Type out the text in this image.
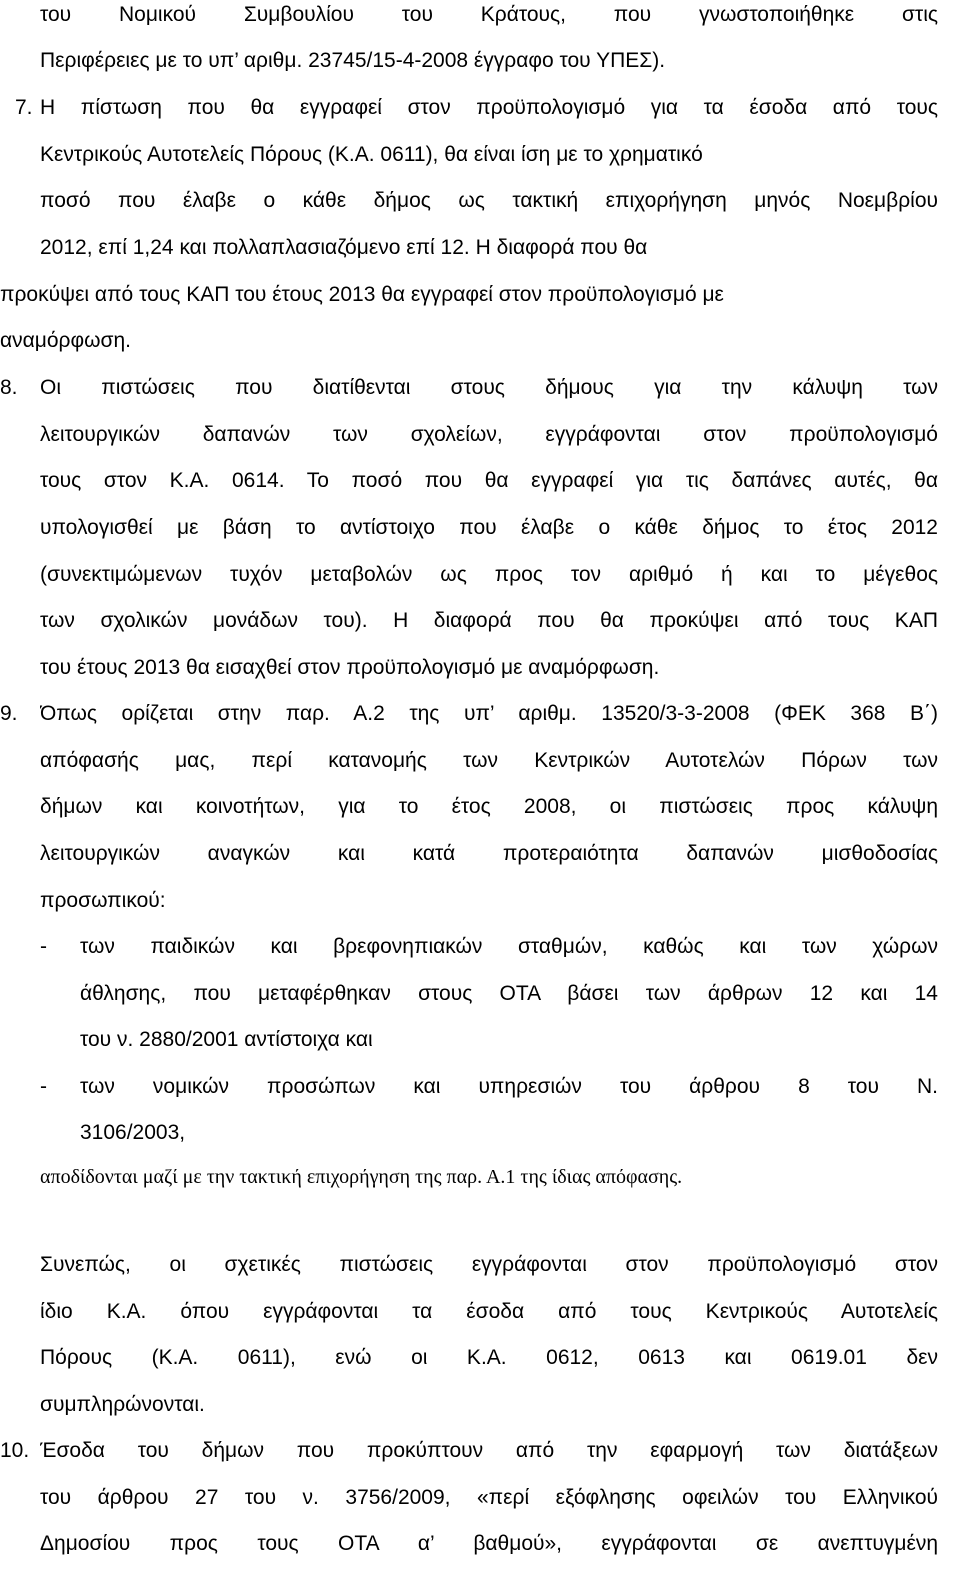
του Νομικού Συμβουλίου του Κράτους, που γνωστοποιήθηκε στις
Περιφέρειες με το υπ’ αριθμ. 23745/15-4-2008 έγγραφο του ΥΠΕΣ).
7. Η πίστωση που θα εγγραφεί στον προϋπολογισμό για τα έσοδα από τους
Κεντρικούς Αυτοτελείς Πόρους (Κ.Α. 0611), θα είναι ίση με το χρηματικό
ποσό που έλαβε ο κάθε δήμος ως τακτική επιχορήγηση μηνός Νοεμβρίου
2012, επί 1,24 και πολλαπλασιαζόμενο επί 12. Η διαφορά που θα
προκύψει από τους ΚΑΠ του έτους 2013 θα εγγραφεί στον προϋπολογισμό με
αναμόρφωση.
8. Οι πιστώσεις που διατίθενται στους δήμους για την κάλυψη των
λειτουργικών δαπανών των σχολείων, εγγράφονται στον προϋπολογισμό
τους στον Κ.Α. 0614. Το ποσό που θα εγγραφεί για τις δαπάνες αυτές, θα
υπολογισθεί με βάση το αντίστοιχο που έλαβε ο κάθε δήμος το έτος 2012
(συνεκτιμώμενων τυχόν μεταβολών ως προς τον αριθμό ή και το μέγεθος
των σχολικών μονάδων του). Η διαφορά που θα προκύψει από τους ΚΑΠ
του έτους 2013 θα εισαχθεί στον προϋπολογισμό με αναμόρφωση.
9. Όπως ορίζεται στην παρ. Α.2 της υπ’ αριθμ. 13520/3-3-2008 (ΦΕΚ 368 Β΄)
απόφασής μας, περί κατανομής των Κεντρικών Αυτοτελών Πόρων των
δήμων και κοινοτήτων, για το έτος 2008, οι πιστώσεις προς κάλυψη
λειτουργικών αναγκών και κατά προτεραιότητα δαπανών μισθοδοσίας
προσωπικού:
- των παιδικών και βρεφονηπιακών σταθμών, καθώς και των χώρων
άθλησης, που μεταφέρθηκαν στους ΟΤΑ βάσει των άρθρων 12 και 14
του ν. 2880/2001 αντίστοιχα και
- των νομικών προσώπων και υπηρεσιών του άρθρου 8 του Ν.
3106/2003,
αποδίδονται μαζί με την τακτική επιχορήγηση της παρ. Α.1 της ίδιας απόφασης.
Συνεπώς, οι σχετικές πιστώσεις εγγράφονται στον προϋπολογισμό στον
ίδιο Κ.Α. όπου εγγράφονται τα έσοδα από τους Κεντρικούς Αυτοτελείς
Πόρους (Κ.Α. 0611), ενώ οι Κ.Α. 0612, 0613 και 0619.01 δεν
συμπληρώνονται.
10. Έσοδα του δήμων που προκύπτουν από την εφαρμογή των διατάξεων
του άρθρου 27 του ν. 3756/2009, «περί εξόφλησης οφειλών του Ελληνικού
Δημοσίου προς τους ΟΤΑ α’ βαθμού», εγγράφονται σε ανεπτυγμένη
